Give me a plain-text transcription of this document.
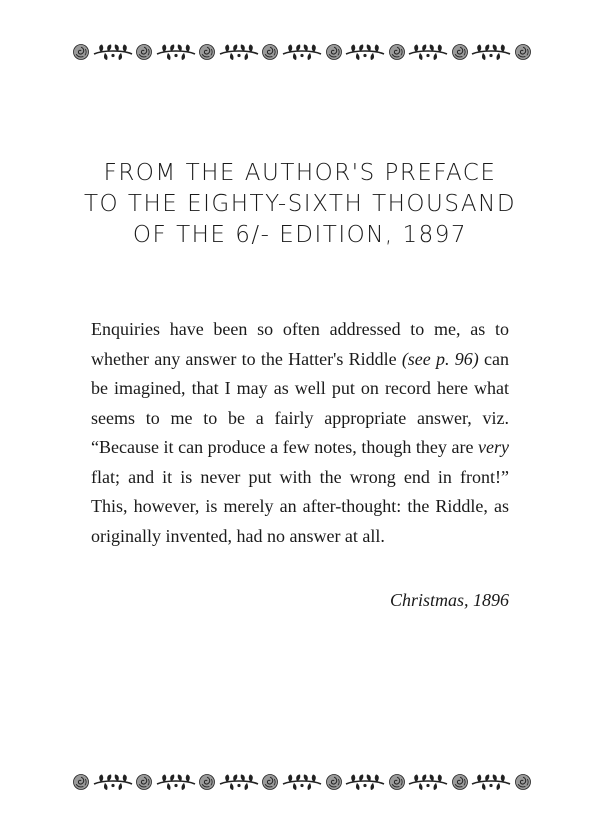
FROM THE AUTHOR'S PREFACE
TO THE EIGHTY-SIXTH THOUSAND
OF THE 6/- EDITION, 1897

Enquiries have been so often addressed to me, as to whether any answer to the Hatter's Riddle (see p. 96) can be imagined, that I may as well put on record here what seems to me to be a fairly appropriate answer, viz. “Because it can produce a few notes, though they are very flat; and it is never put with the wrong end in front!” This, however, is merely an after-thought: the Riddle, as originally invented, had no answer at all.

Christmas, 1896
